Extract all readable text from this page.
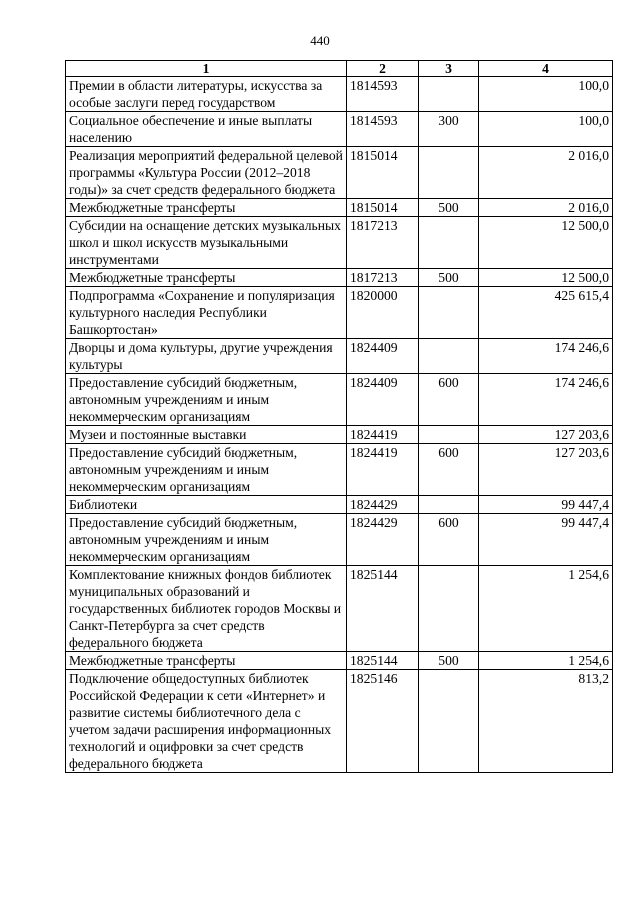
440
1	2	3	4
Премии в области литературы, искусства за особые заслуги перед государством	1814593		100,0
Социальное обеспечение и иные выплаты населению	1814593	300	100,0
Реализация мероприятий федеральной целевой программы «Культура России (2012–2018 годы)» за счет средств федерального бюджета	1815014		2 016,0
Межбюджетные трансферты	1815014	500	2 016,0
Субсидии на оснащение детских музыкальных школ и школ искусств музыкальными инструментами	1817213		12 500,0
Межбюджетные трансферты	1817213	500	12 500,0
Подпрограмма «Сохранение и популяризация культурного наследия Республики Башкортостан»	1820000		425 615,4
Дворцы и дома культуры, другие учреждения культуры	1824409		174 246,6
Предоставление субсидий бюджетным, автономным учреждениям и иным некоммерческим организациям	1824409	600	174 246,6
Музеи и постоянные выставки	1824419		127 203,6
Предоставление субсидий бюджетным, автономным учреждениям и иным некоммерческим организациям	1824419	600	127 203,6
Библиотеки	1824429		99 447,4
Предоставление субсидий бюджетным, автономным учреждениям и иным некоммерческим организациям	1824429	600	99 447,4
Комплектование книжных фондов библиотек муниципальных образований и государственных библиотек городов Москвы и Санкт-Петербурга за счет средств федерального бюджета	1825144		1 254,6
Межбюджетные трансферты	1825144	500	1 254,6
Подключение общедоступных библиотек Российской Федерации к сети «Интернет» и развитие системы библиотечного дела с учетом задачи расширения информационных технологий и оцифровки за счет средств федерального бюджета	1825146		813,2
